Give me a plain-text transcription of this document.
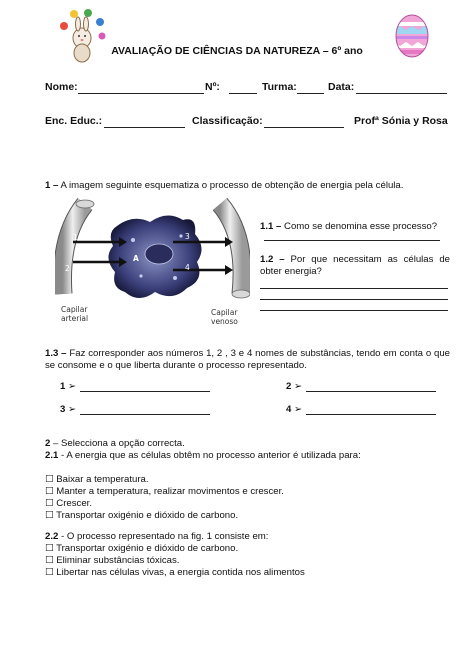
AVALIAÇÃO DE CIÊNCIAS DA NATUREZA – 6º ano
Nome:	Nº:	Turma:	Data:
Enc. Educ.:	Classificação:	Profª Sónia y Rosa
1 – A imagem seguinte esquematiza o processo de obtenção de energia pela célula.
1
2
3
4
A
Capilar
arterial
Capilar
venoso
1.1 – Como se denomina esse processo?
1.2 – Por que necessitam as células de obter energia?
1.3 – Faz corresponder aos números 1, 2 , 3 e 4 nomes de substâncias, tendo em conta o que se consome e o que liberta durante o processo representado.
1 ➢	2 ➢
3 ➢	4 ➢
2 – Selecciona a opção correcta.
2.1 - A energia que as células obtêm no processo anterior é utilizada para:
☐ Baixar a temperatura.
☐ Manter a temperatura, realizar movimentos e crescer.
☐ Crescer.
☐ Transportar oxigénio e dióxido de carbono.
2.2 - O processo representado na fig. 1 consiste em:
☐ Transportar oxigénio e dióxido de carbono.
☐ Eliminar substâncias tóxicas.
☐ Libertar nas células vivas, a energia contida nos alimentos
